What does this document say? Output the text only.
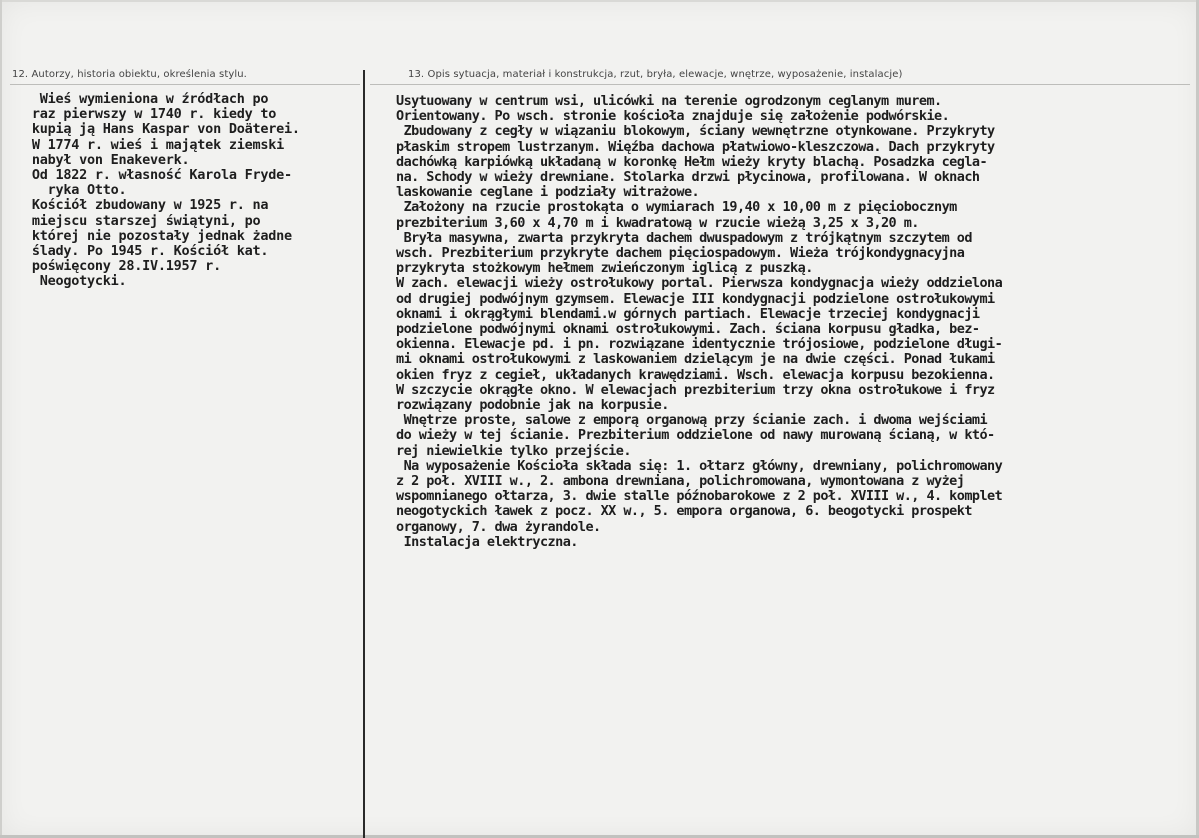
12. Autorzy, historia obiektu, określenia stylu.	13. Opis sytuacja, materiał i konstrukcja, rzut, bryła, elewacje, wnętrze, wyposażenie, instalacje)
Wieś wymieniona w źródłach po
raz pierwszy w 1740 r. kiedy to
kupią ją Hans Kaspar von Doäterei.
W 1774 r. wieś i majątek ziemski
nabył von Enakeverk.
Od 1822 r. własność Karola Fryde-
ryka Otto.
Kościół zbudowany w 1925 r. na
miejscu starszej świątyni, po
której nie pozostały jednak żadne
ślady. Po 1945 r. Kościół kat.
poświęcony 28.IV.1957 r.
Neogotycki.
Usytuowany w centrum wsi, ulicówki na terenie ogrodzonym ceglanym murem.
Orientowany. Po wsch. stronie kościoła znajduje się założenie podwórskie.
Zbudowany z cegły w wiązaniu blokowym, ściany wewnętrzne otynkowane. Przykryty
płaskim stropem lustrzanym. Więźba dachowa płatwiowo-kleszczowa. Dach przykryty
dachówką karpiówką układaną w koronkę Hełm wieży kryty blachą. Posadzka cegla-
na. Schody w wieży drewniane. Stolarka drzwi płycinowa, profilowana. W oknach
laskowanie ceglane i podziały witrażowe.
Założony na rzucie prostokąta o wymiarach 19,40 x 10,00 m z pięciobocznym
prezbiterium 3,60 x 4,70 m i kwadratową w rzucie wieżą 3,25 x 3,20 m.
Bryła masywna, zwarta przykryta dachem dwuspadowym z trójkątnym szczytem od
wsch. Prezbiterium przykryte dachem pięciospadowym. Wieża trójkondygnacyjna
przykryta stożkowym hełmem zwieńczonym iglicą z puszką.
W zach. elewacji wieży ostrołukowy portal. Pierwsza kondygnacja wieży oddzielona
od drugiej podwójnym gzymsem. Elewacje III kondygnacji podzielone ostrołukowymi
oknami i okrągłymi blendami.w górnych partiach. Elewacje trzeciej kondygnacji
podzielone podwójnymi oknami ostrołukowymi. Zach. ściana korpusu gładka, bez-
okienna. Elewacje pd. i pn. rozwiązane identycznie trójosiowe, podzielone długi-
mi oknami ostrołukowymi z laskowaniem dzielącym je na dwie części. Ponad łukami
okien fryz z cegieł, układanych krawędziami. Wsch. elewacja korpusu bezokienna.
W szczycie okrągłe okno. W elewacjach prezbiterium trzy okna ostrołukowe i fryz
rozwiązany podobnie jak na korpusie.
Wnętrze proste, salowe z emporą organową przy ścianie zach. i dwoma wejściami
do wieży w tej ścianie. Prezbiterium oddzielone od nawy murowaną ścianą, w któ-
rej niewielkie tylko przejście.
Na wyposażenie Kościoła składa się: 1. ołtarz główny, drewniany, polichromowany
z 2 poł. XVIII w., 2. ambona drewniana, polichromowana, wymontowana z wyżej
wspomnianego ołtarza, 3. dwie stalle późnobarokowe z 2 poł. XVIII w., 4. komplet
neogotyckich ławek z pocz. XX w., 5. empora organowa, 6. beogotycki prospekt
organowy, 7. dwa żyrandole.
Instalacja elektryczna.
